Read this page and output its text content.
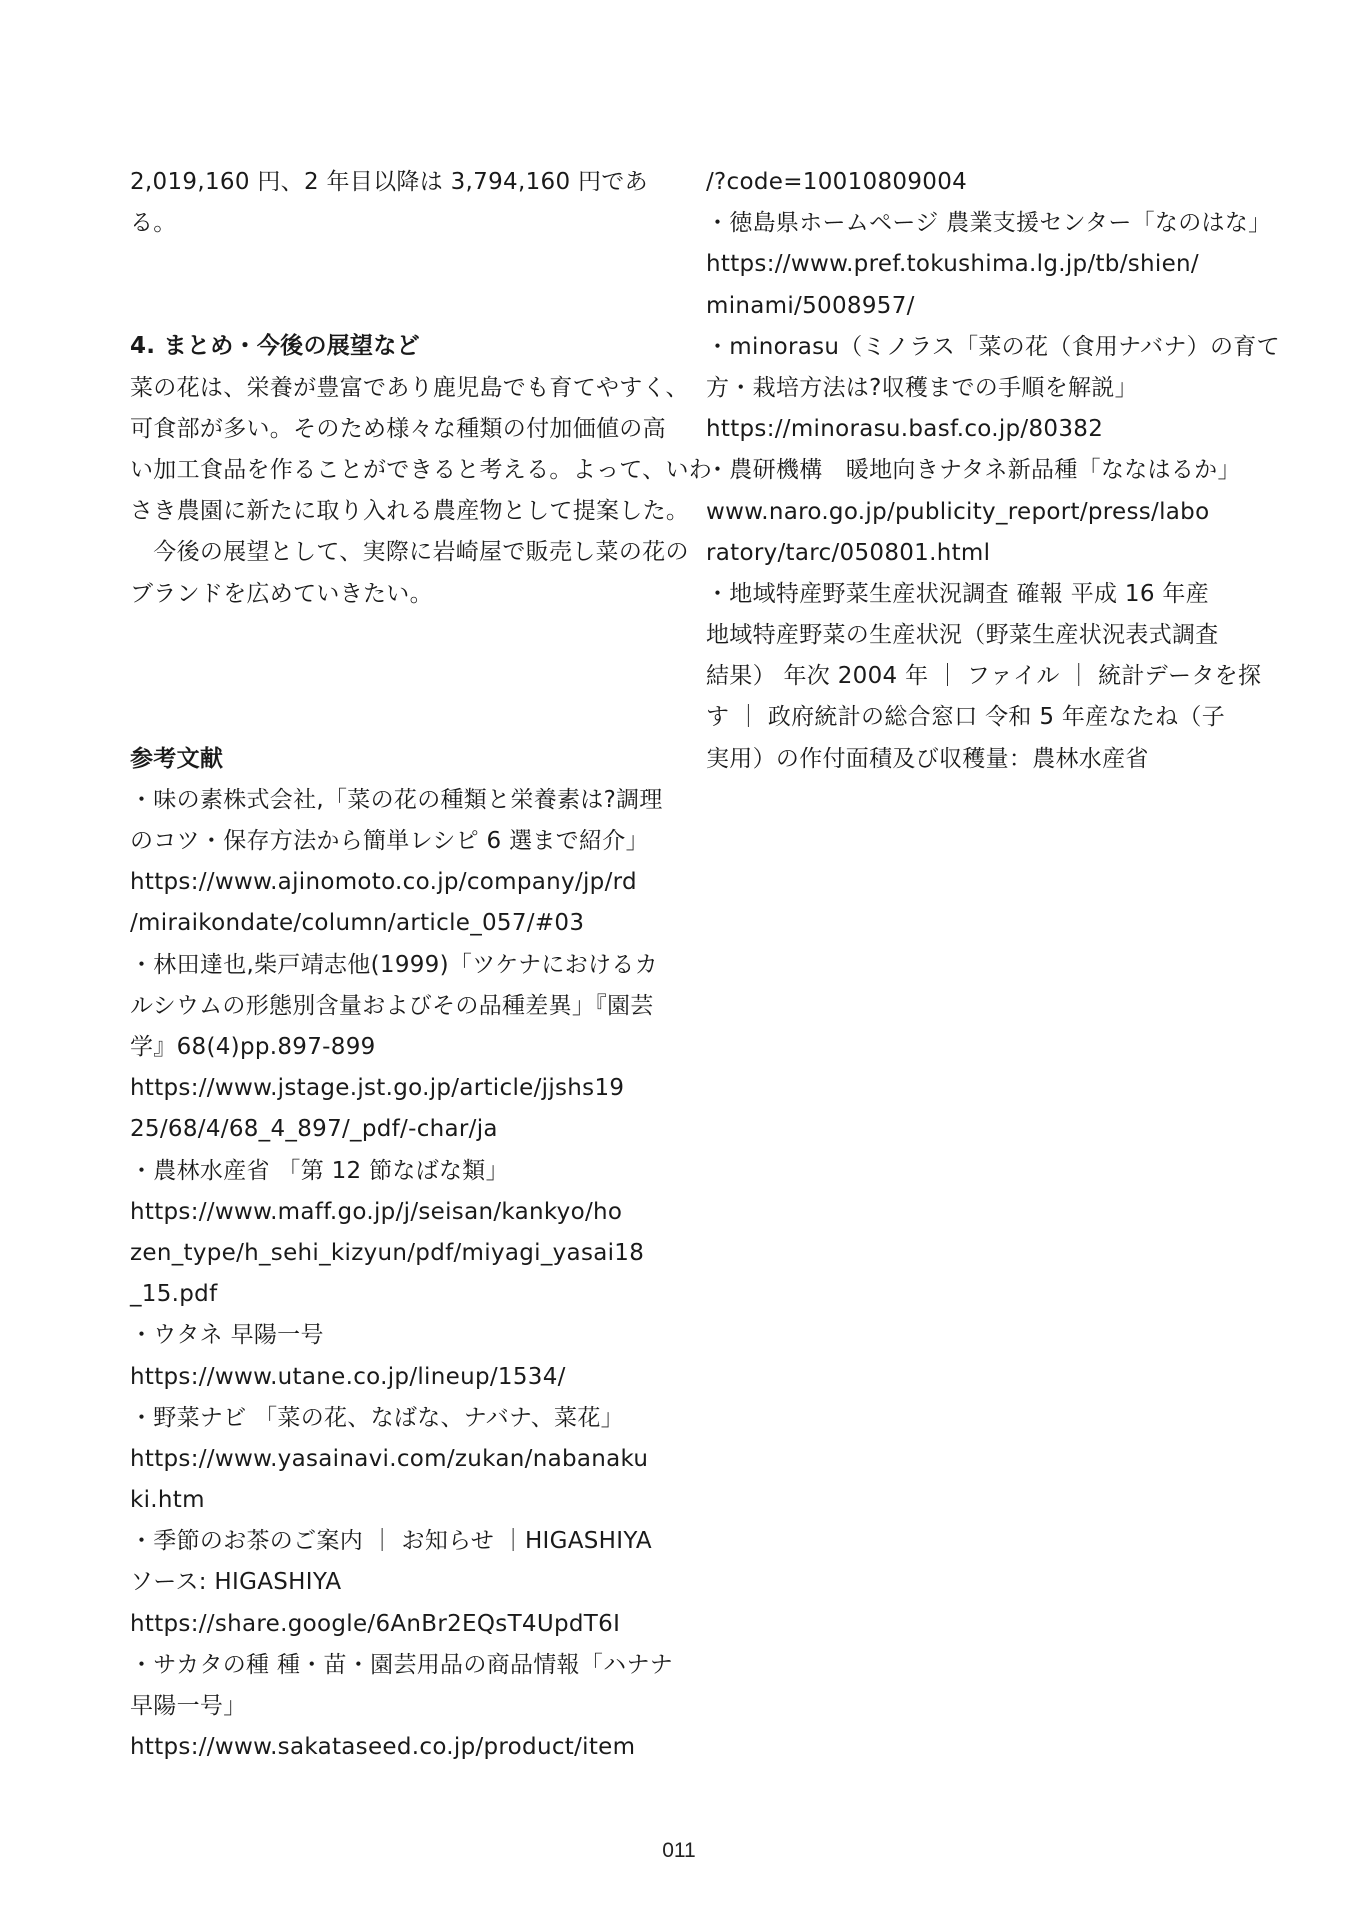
2,019,160 円、2 年目以降は 3,794,160 円であ
る。
4. まとめ・今後の展望など
菜の花は、栄養が豊富であり鹿児島でも育てやすく、
可食部が多い。そのため様々な種類の付加価値の高
い加工食品を作ることができると考える。よって、いわ
さき農園に新たに取り入れる農産物として提案した。
　今後の展望として、実際に岩崎屋で販売し菜の花の
ブランドを広めていきたい。
参考文献
・味の素株式会社,「菜の花の種類と栄養素は?調理
のコツ・保存方法から簡単レシピ 6 選まで紹介」
https://www.ajinomoto.co.jp/company/jp/rd
/miraikondate/column/article_057/#03
・林田達也,柴戸靖志他(1999)「ツケナにおけるカ
ルシウムの形態別含量およびその品種差異」『園芸
学』68(4)pp.897-899
https://www.jstage.jst.go.jp/article/jjshs19
25/68/4/68_4_897/_pdf/-char/ja
・農林水産省 「第 12 節なばな類」
https://www.maff.go.jp/j/seisan/kankyo/ho
zen_type/h_sehi_kizyun/pdf/miyagi_yasai18
_15.pdf
・ウタネ 早陽一号
https://www.utane.co.jp/lineup/1534/
・野菜ナビ 「菜の花、なばな、ナバナ、菜花」
https://www.yasainavi.com/zukan/nabanaku
ki.htm
・季節のお茶のご案内 ｜ お知らせ ｜HIGASHIYA
ソース: HIGASHIYA
https://share.google/6AnBr2EQsT4UpdT6I
・サカタの種 種・苗・園芸用品の商品情報「ハナナ
早陽一号」
https://www.sakataseed.co.jp/product/item
/?code=10010809004
・徳島県ホームページ 農業支援センター「なのはな」
https://www.pref.tokushima.lg.jp/tb/shien/
minami/5008957/
・minorasu（ミノラス「菜の花（食用ナバナ）の育て
方・栽培方法は?収穫までの手順を解説」
https://minorasu.basf.co.jp/80382
・農研機構　暖地向きナタネ新品種「ななはるか」
www.naro.go.jp/publicity_report/press/labo
ratory/tarc/050801.html
・地域特産野菜生産状況調査 確報 平成 16 年産
地域特産野菜の生産状況（野菜生産状況表式調査
結果） 年次 2004 年 ｜ ファイル ｜ 統計データを探
す ｜ 政府統計の総合窓口 令和 5 年産なたね（子
実用）の作付面積及び収穫量：農林水産省
011
